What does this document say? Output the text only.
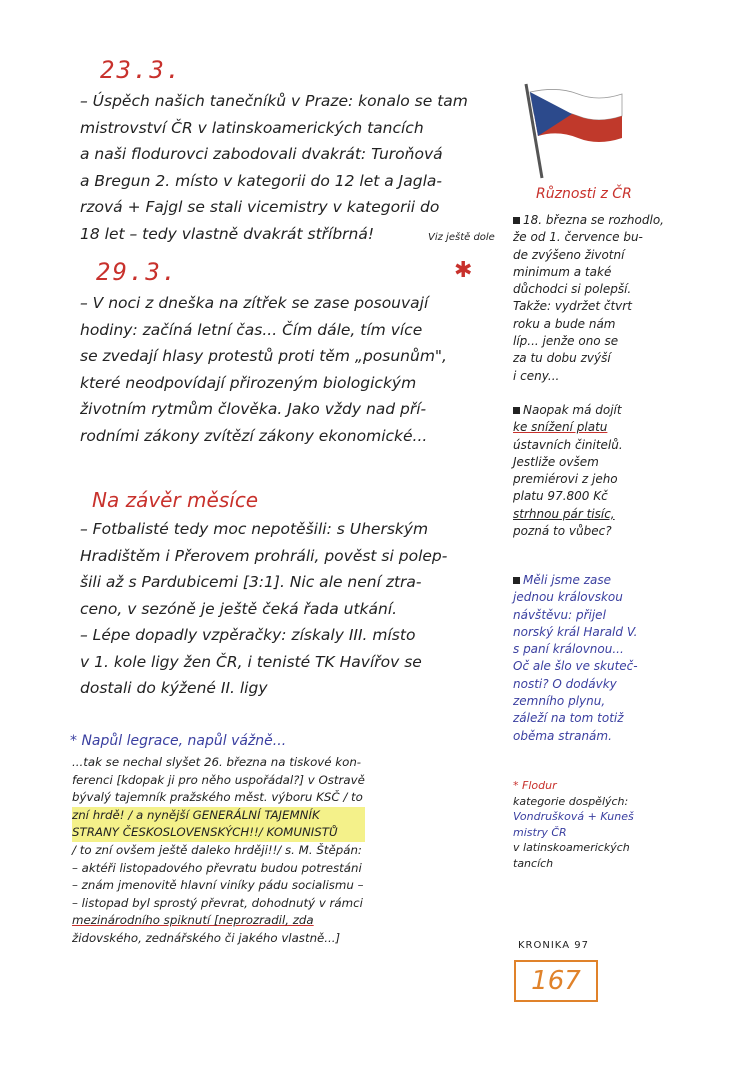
23.3.
– Úspěch našich tanečníků v Praze: konalo se tam
mistrovství ČR v latinskoamerických tancích
a naši flodurovci zabodovali dvakrát: Turoňová
a Bregun 2. místo v kategorii do 12 let a Jagla-
rzová + Fajgl se stali vicemistry v kategorii do
18 let – tedy vlastně dvakrát stříbrná!	Viz ještě dole
✱
29.3.
– V noci z dneška na zítřek se zase posouvají
hodiny: začíná letní čas... Čím dále, tím více
se zvedají hlasy protestů proti těm „posunům",
které neodpovídají přirozeným biologickým
životním rytmům člověka. Jako vždy nad pří-
rodními zákony zvítězí zákony ekonomické...
Na závěr měsíce
– Fotbalisté tedy moc nepotěšili: s Uherským
Hradištěm i Přerovem prohráli, pověst si polep-
šili až s Pardubicemi [3:1]. Nic ale není ztra-
ceno, v sezóně je ještě čeká řada utkání.
– Lépe dopadly vzpěračky: získaly III. místo
v 1. kole ligy žen ČR, i tenisté TK Havířov se
dostali do kýžené II. ligy
* Napůl legrace, napůl vážně...
...tak se nechal slyšet 26. března na tiskové kon-
ferenci [kdopak ji pro něho uspořádal?] v Ostravě
bývalý tajemník pražského měst. výboru KSČ / to
zní hrdě! / a nynější GENERÁLNÍ TAJEMNÍK
STRANY ČESKOSLOVENSKÝCH!!/ KOMUNISTŮ
/ to zní ovšem ještě daleko hrději!!/ s. M. Štěpán:
– aktéři listopadového převratu budou potrestáni
– znám jmenovitě hlavní viníky pádu socialismu –
– listopad byl sprostý převrat, dohodnutý v rámci
mezinárodního spiknutí [neprozradil, zda
židovského, zednářského či jakého vlastně...]
Různosti z ČR
18. března se rozhodlo,
že od 1. července bu-
de zvýšeno životní
minimum a také
důchodci si polepší.
Takže: vydržet čtvrt
roku a bude nám
líp... jenže ono se
za tu dobu zvýší
i ceny...
Naopak má dojít
ke snížení platu
ústavních činitelů.
Jestliže ovšem
premiérovi z jeho
platu 97.800 Kč
strhnou pár tisíc,
pozná to vůbec?
Měli jsme zase
jednou královskou
návštěvu: přijel
norský král Harald V.
s paní královnou...
Oč ale šlo ve skuteč-
nosti? O dodávky
zemního plynu,
záleží na tom totiž
oběma stranám.
* Flodur
kategorie dospělých:
Vondrušková + Kuneš
mistry ČR
v latinskoamerických
tancích
KRONIKA 97
167
